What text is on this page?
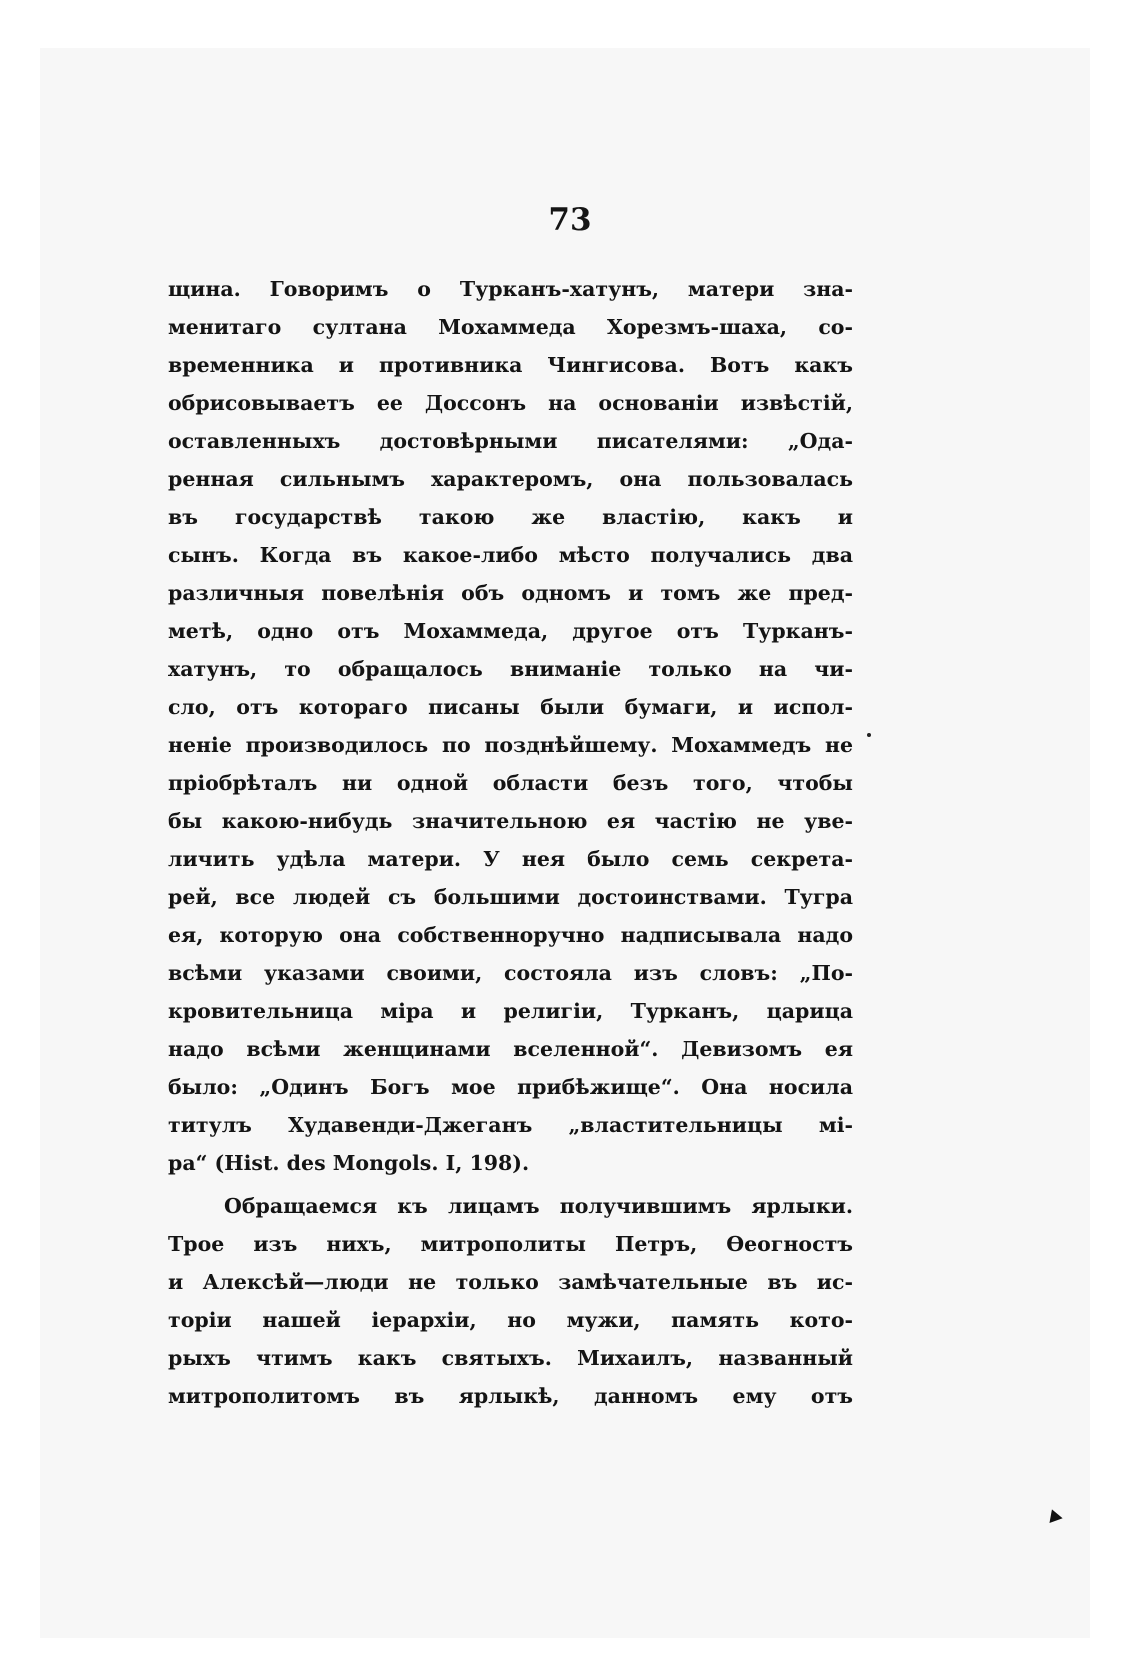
73
щина. Говоримъ о Турканъ-хатунъ, матери зна-
менитаго султана Мохаммеда Хорезмъ-шаха, со-
временника и противника Чингисова. Вотъ какъ
обрисовываетъ ее Доссонъ на основаніи извѣстій,
оставленныхъ достовѣрными писателями: „Ода-
ренная сильнымъ характеромъ, она пользовалась
въ государствѣ такою же властію, какъ и
сынъ. Когда въ какое-либо мѣсто получались два
различныя повелѣнія объ одномъ и томъ же пред-
метѣ, одно отъ Мохаммеда, другое отъ Турканъ-
хатунъ, то обращалось вниманіе только на чи-
сло, отъ котораго писаны были бумаги, и испол-
неніе производилось по позднѣйшему. Мохаммедъ не
пріобрѣталъ ни одной области безъ того, чтобы
бы какою-нибудь значительною ея частію не уве-
личить удѣла матери. У нея было семь секрета-
рей, все людей съ большими достоинствами. Тугра
ея, которую она собственноручно надписывала надо
всѣми указами своими, состояла изъ словъ: „По-
кровительница міра и религіи, Турканъ, царица
надо всѣми женщинами вселенной“. Девизомъ ея
было: „Одинъ Богъ мое прибѣжище“. Она носила
титулъ Худавенди-Джеганъ „властительницы мі-
ра“ (Hist. des Mongols. I, 198).
Обращаемся къ лицамъ получившимъ ярлыки.
Трое изъ нихъ, митрополиты Петръ, Ѳеогностъ
и Алексѣй—люди не только замѣчательные въ ис-
торіи нашей іерархіи, но мужи, память кото-
рыхъ чтимъ какъ святыхъ. Михаилъ, названный
митрополитомъ въ ярлыкѣ, данномъ ему отъ
